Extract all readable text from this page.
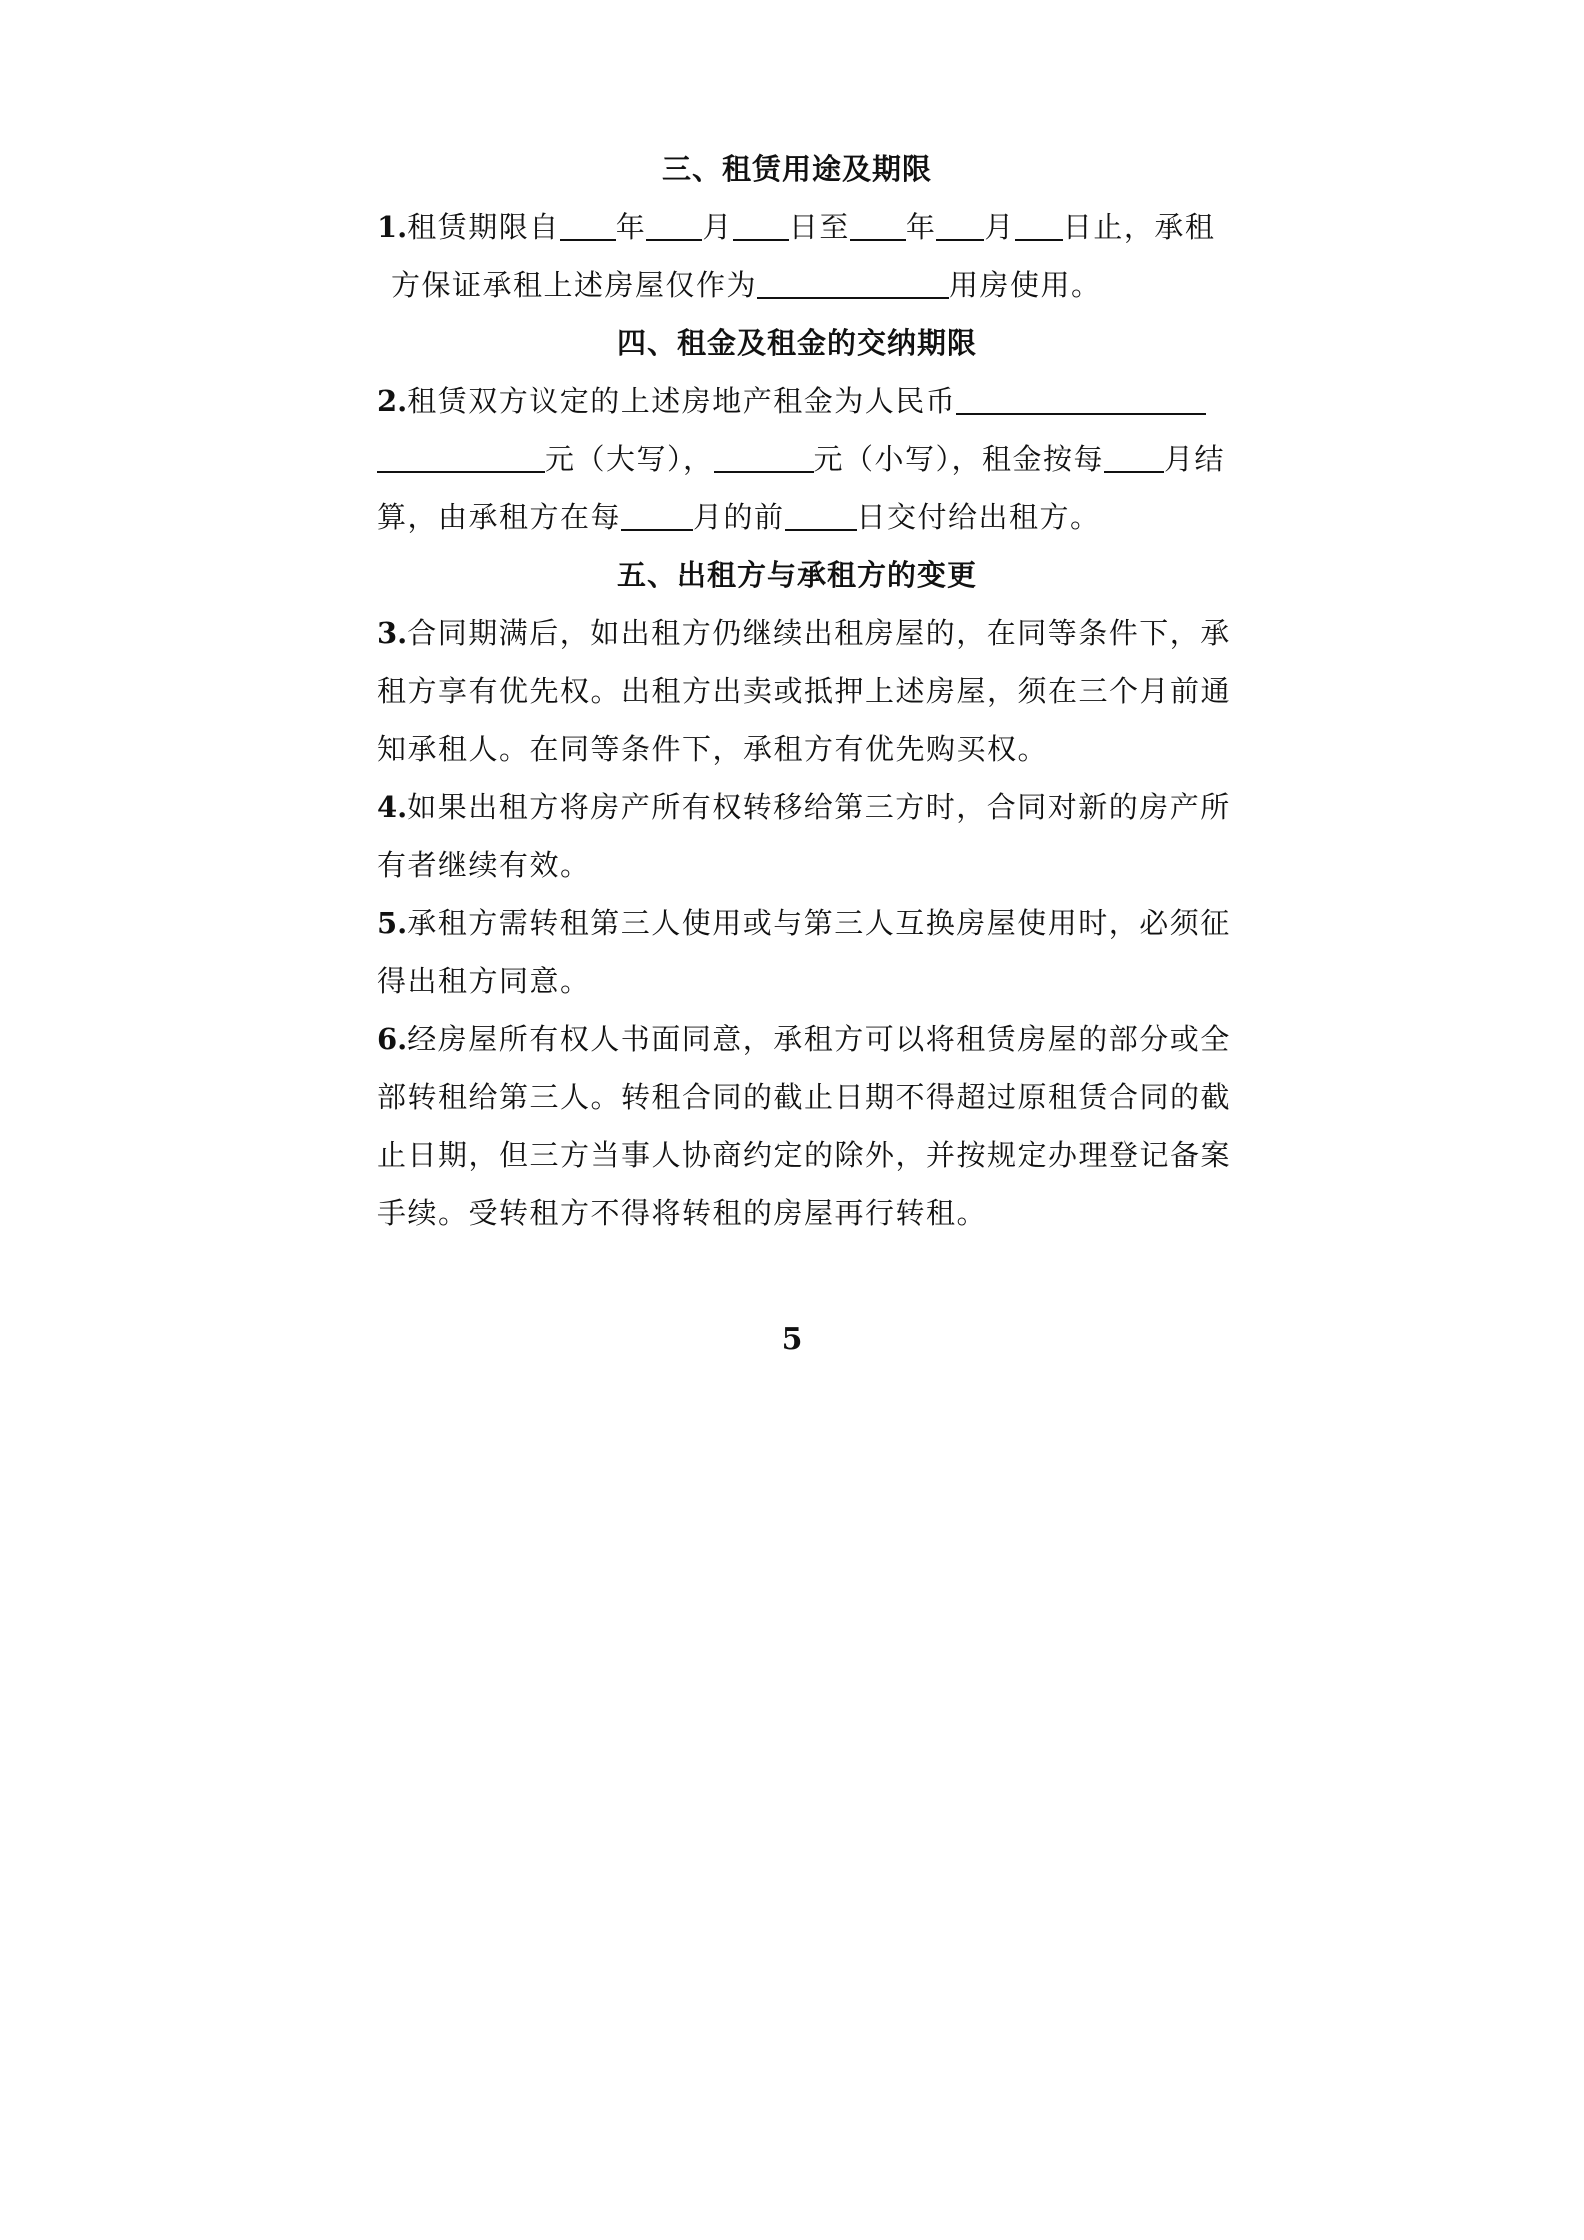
三、租赁用途及期限
1.租赁期限自 年 月 日至 年 月 日止，承租
方保证承租上述房屋仅作为	用房使用。
四、租金及租金的交纳期限
2.租赁双方议定的上述房地产租金为人民币
元（大写），	元（小写），租金按每 月结
算，由承租方在每 月的前 日交付给出租方。
五、出租方与承租方的变更
3.合同期满后，如出租方仍继续出租房屋的，在同等条件下，承
租方享有优先权。出租方出卖或抵押上述房屋，须在三个月前通
知承租人。在同等条件下，承租方有优先购买权。
4.如果出租方将房产所有权转移给第三方时，合同对新的房产所
有者继续有效。
5.承租方需转租第三人使用或与第三人互换房屋使用时，必须征
得出租方同意。
6.经房屋所有权人书面同意，承租方可以将租赁房屋的部分或全
部转租给第三人。转租合同的截止日期不得超过原租赁合同的截
止日期，但三方当事人协商约定的除外，并按规定办理登记备案
手续。受转租方不得将转租的房屋再行转租。
5
